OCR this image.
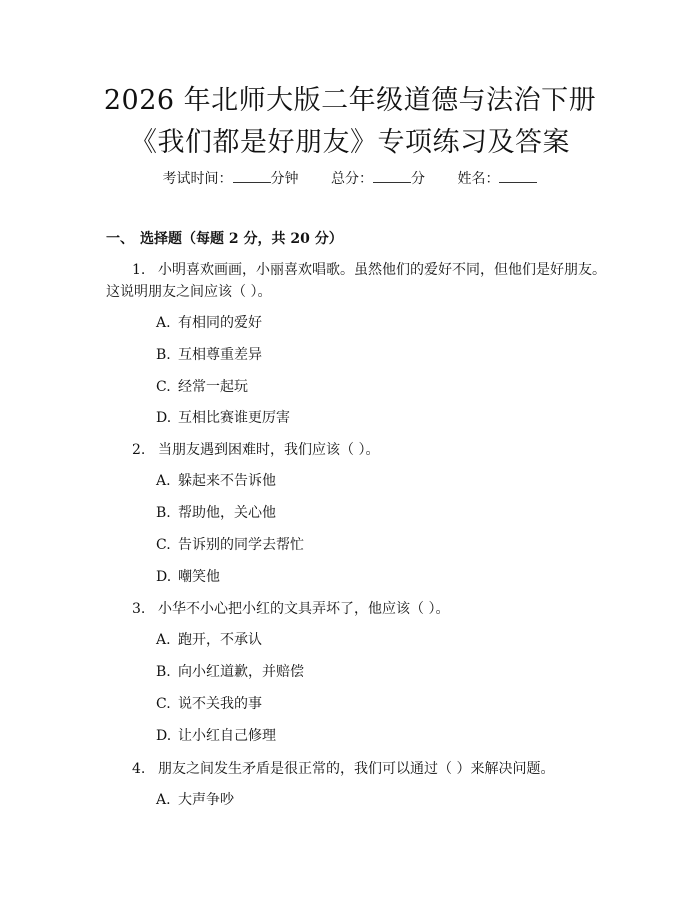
2026 年北师大版二年级道德与法治下册《我们都是好朋友》专项练习及答案
考试时间：	分钟 总分：	分 姓名：
一、 选择题（每题 2 分，共 20 分）
1. 小明喜欢画画，小丽喜欢唱歌。虽然他们的爱好不同，但他们是好朋友。这说明朋友之间应该（ ）。
A. 有相同的爱好
B. 互相尊重差异
C. 经常一起玩
D. 互相比赛谁更厉害
2. 当朋友遇到困难时，我们应该（ ）。
A. 躲起来不告诉他
B. 帮助他，关心他
C. 告诉别的同学去帮忙
D. 嘲笑他
3. 小华不小心把小红的文具弄坏了，他应该（ ）。
A. 跑开，不承认
B. 向小红道歉，并赔偿
C. 说不关我的事
D. 让小红自己修理
4. 朋友之间发生矛盾是很正常的，我们可以通过（ ）来解决问题。
A. 大声争吵
